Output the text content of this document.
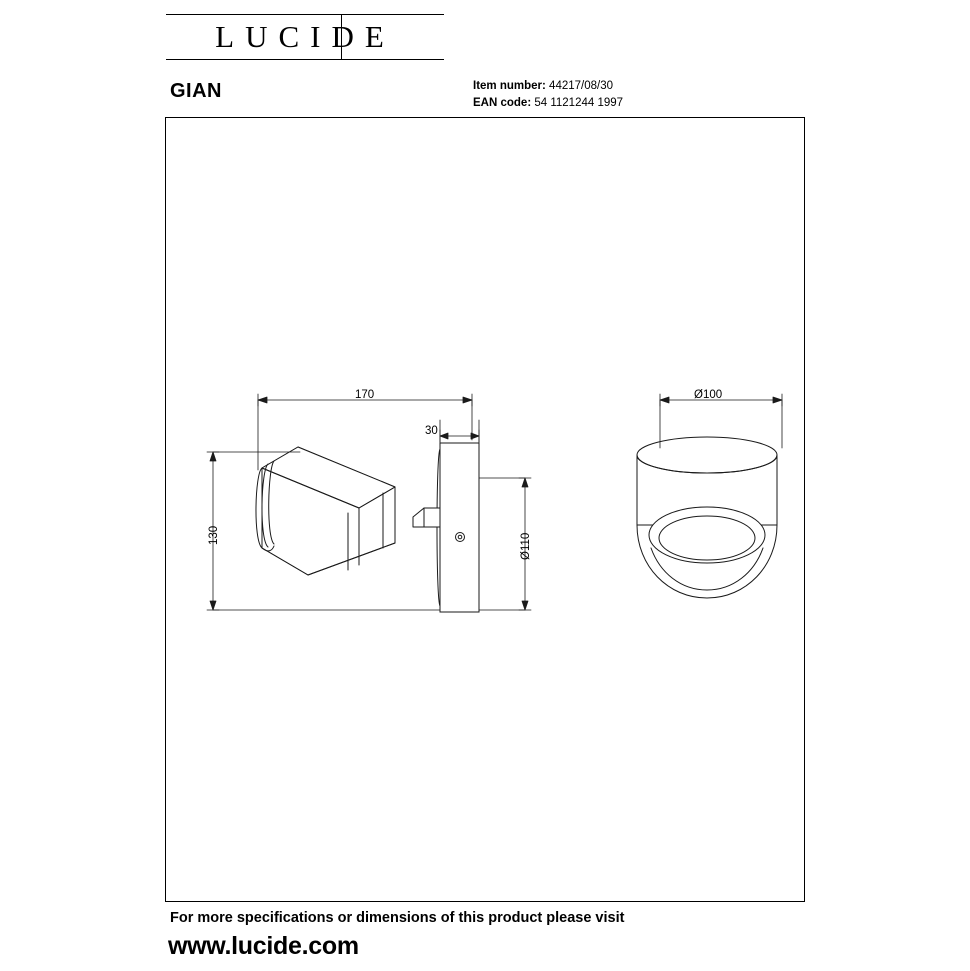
LUCIDE
GIAN	Item number: 44217/08/30
EAN code: 54 1121244 1997
170
30
130	Ø110
Ø100
For more specifications or dimensions of this product please visit
www.lucide.com
